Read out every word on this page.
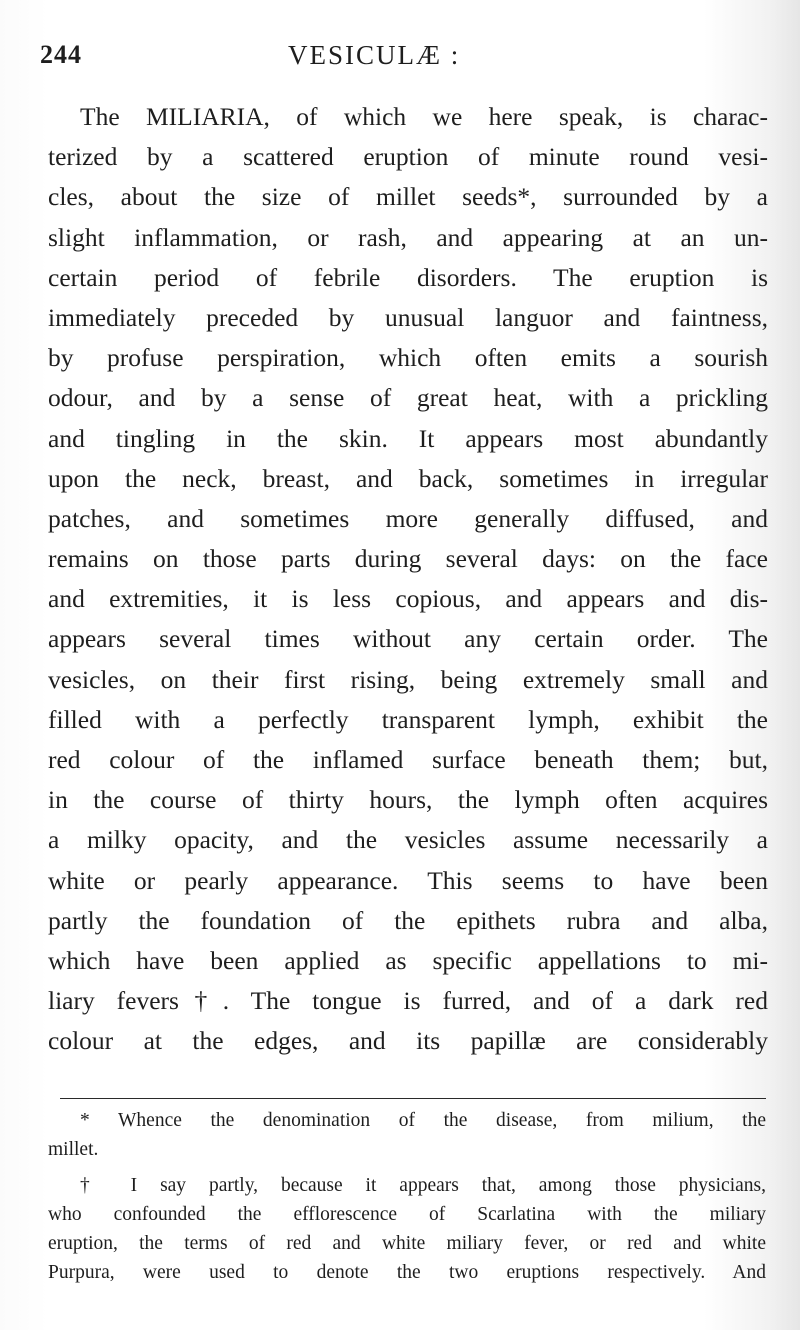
244	VESICULÆ :
The MILIARIA, of which we here speak, is charac-
terized by a scattered eruption of minute round vesi-
cles, about the size of millet seeds*, surrounded by a
slight inflammation, or rash, and appearing at an un-
certain period of febrile disorders. The eruption is
immediately preceded by unusual languor and faintness,
by profuse perspiration, which often emits a sourish
odour, and by a sense of great heat, with a prickling
and tingling in the skin. It appears most abundantly
upon the neck, breast, and back, sometimes in irregular
patches, and sometimes more generally diffused, and
remains on those parts during several days: on the face
and extremities, it is less copious, and appears and dis-
appears several times without any certain order. The
vesicles, on their first rising, being extremely small and
filled with a perfectly transparent lymph, exhibit the
red colour of the inflamed surface beneath them; but,
in the course of thirty hours, the lymph often acquires
a milky opacity, and the vesicles assume necessarily a
white or pearly appearance. This seems to have been
partly the foundation of the epithets rubra and alba,
which have been applied as specific appellations to mi-
liary fevers†. The tongue is furred, and of a dark red
colour at the edges, and its papillæ are considerably
* Whence the denomination of the disease, from milium, the
millet.
† I say partly, because it appears that, among those physicians,
who confounded the efflorescence of Scarlatina with the miliary
eruption, the terms of red and white miliary fever, or red and white
Purpura, were used to denote the two eruptions respectively. And
